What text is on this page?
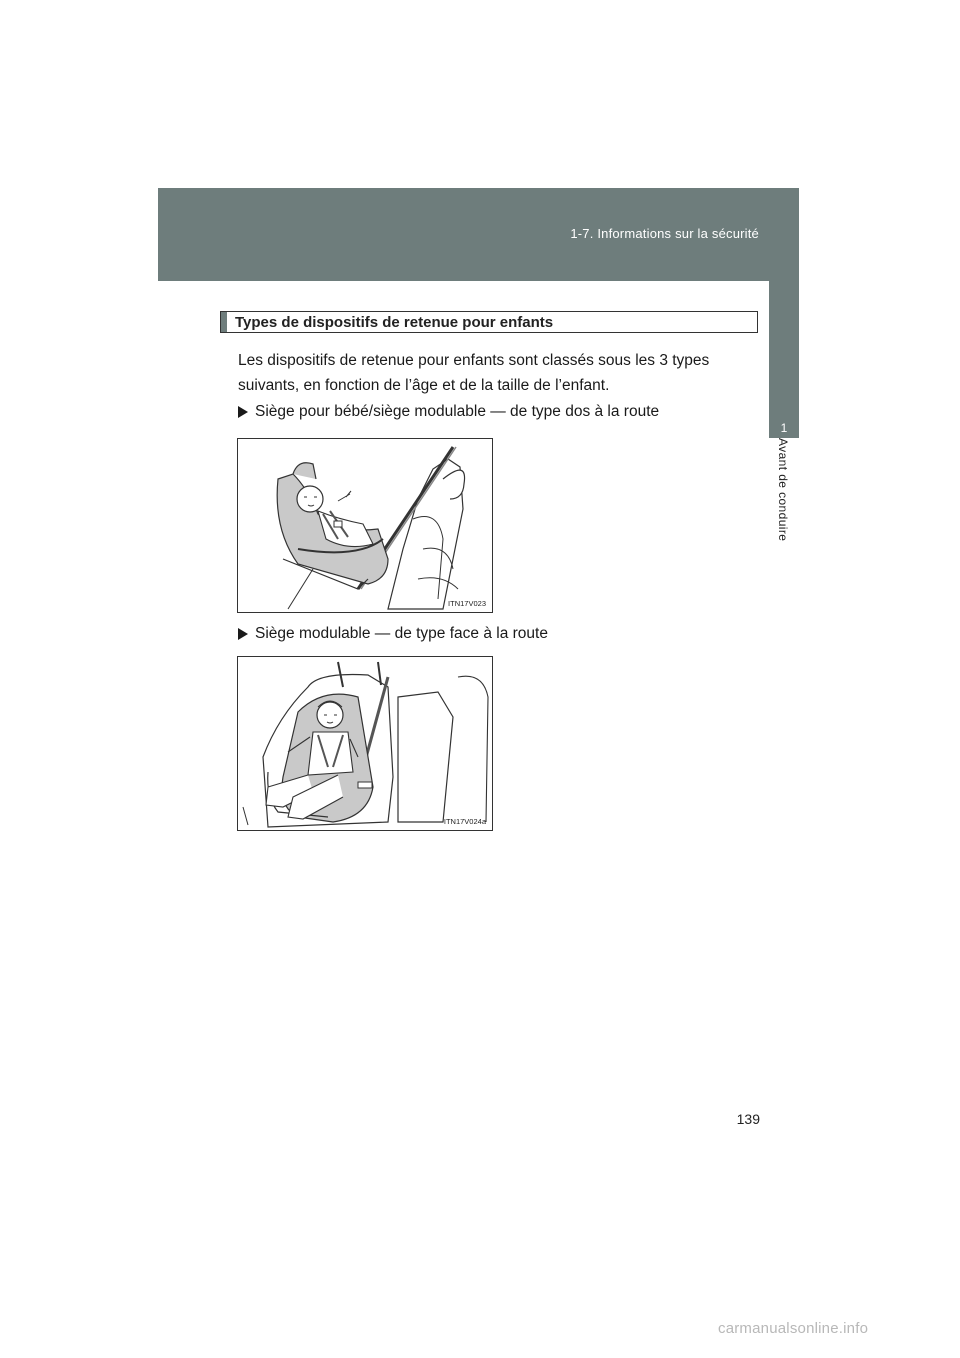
1-7. Informations sur la sécurité
1
Avant de conduire
Types de dispositifs de retenue pour enfants
Les dispositifs de retenue pour enfants sont classés sous les 3 types suivants, en fonction de l’âge et de la taille de l’enfant.
Siège pour bébé/siège modulable — de type dos à la route
ITN17V023
Siège modulable — de type face à la route
ITN17V024a
139
carmanualsonline.info
